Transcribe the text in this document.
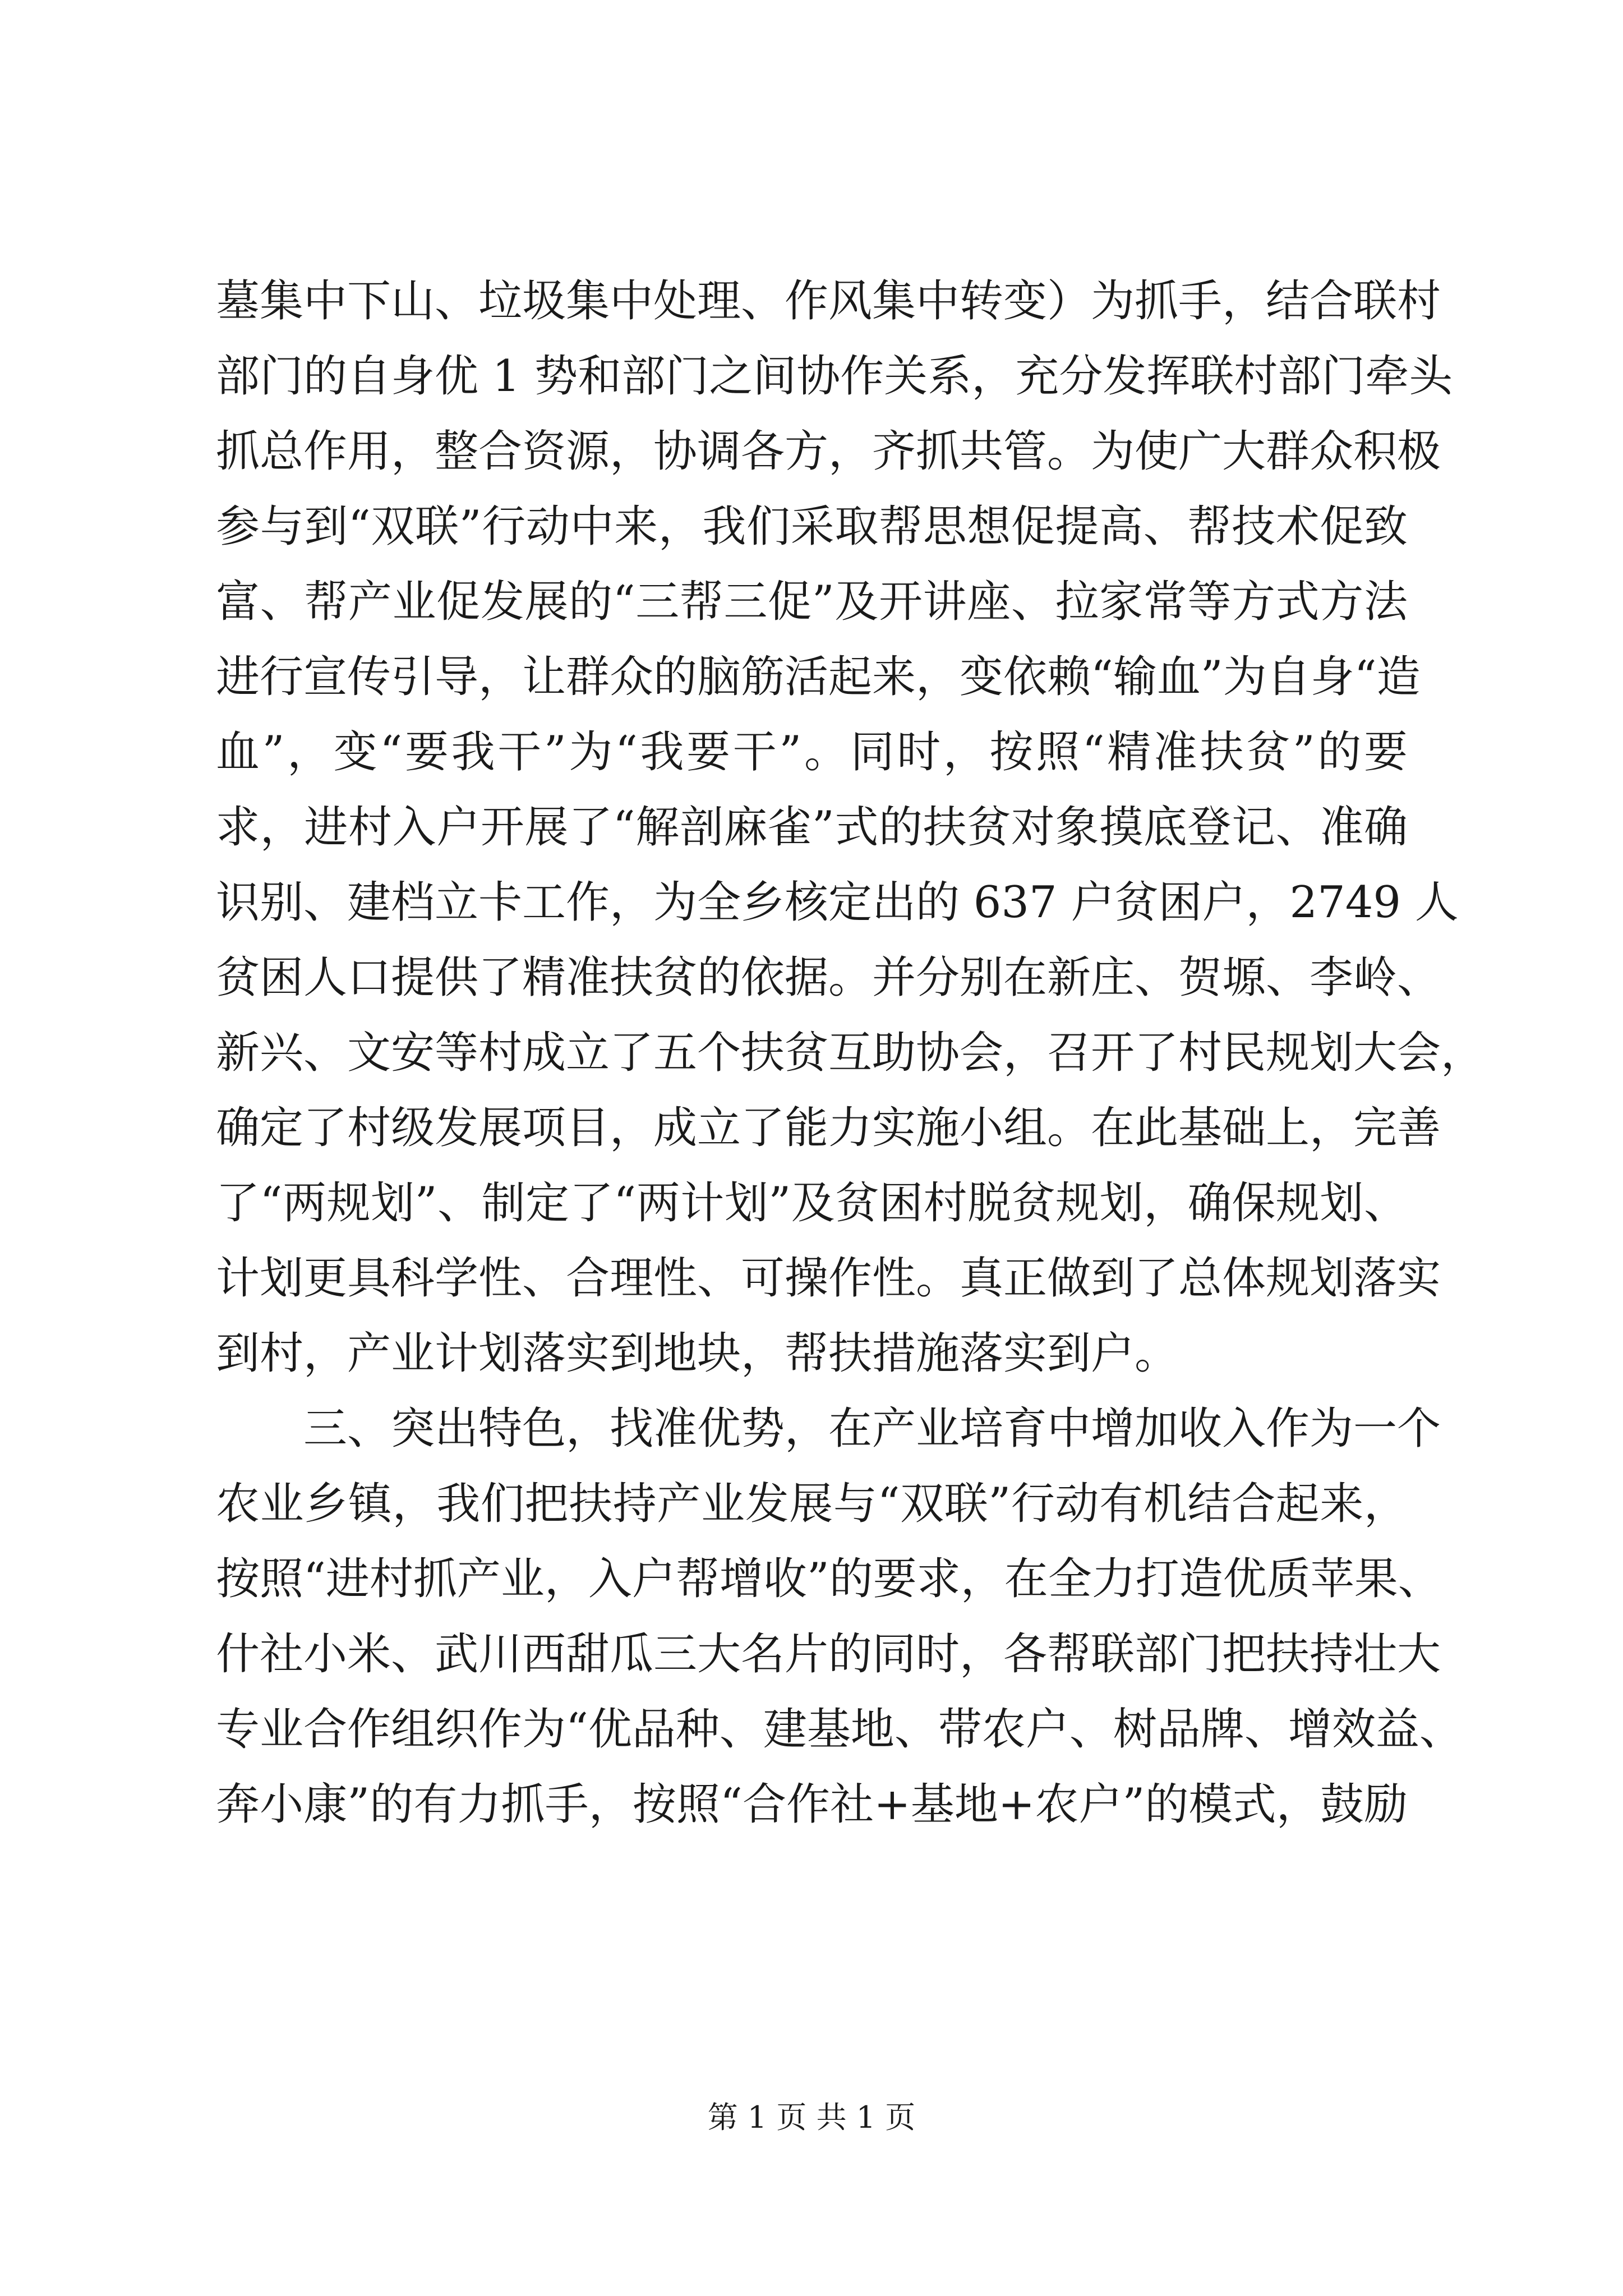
墓集中下山、垃圾集中处理、作风集中转变）为抓手，结合联村
部门的自身优 1 势和部门之间协作关系，充分发挥联村部门牵头
抓总作用，整合资源，协调各方，齐抓共管。为使广大群众积极
参与到“双联”行动中来，我们采取帮思想促提高、帮技术促致
富、帮产业促发展的“三帮三促”及开讲座、拉家常等方式方法
进行宣传引导，让群众的脑筋活起来，变依赖“输血”为自身“造
血”，变“要我干”为“我要干”。同时，按照“精准扶贫”的要
求，进村入户开展了“解剖麻雀”式的扶贫对象摸底登记、准确
识别、建档立卡工作，为全乡核定出的 637 户贫困户，2749 人
贫困人口提供了精准扶贫的依据。并分别在新庄、贺塬、李岭、
新兴、文安等村成立了五个扶贫互助协会，召开了村民规划大会，
确定了村级发展项目，成立了能力实施小组。在此基础上，完善
了“两规划”、制定了“两计划”及贫困村脱贫规划，确保规划、
计划更具科学性、合理性、可操作性。真正做到了总体规划落实
到村，产业计划落实到地块，帮扶措施落实到户。
三、突出特色，找准优势，在产业培育中增加收入作为一个
农业乡镇，我们把扶持产业发展与“双联”行动有机结合起来，
按照“进村抓产业，入户帮增收”的要求，在全力打造优质苹果、
什社小米、武川西甜瓜三大名片的同时，各帮联部门把扶持壮大
专业合作组织作为“优品种、建基地、带农户、树品牌、增效益、
奔小康”的有力抓手，按照“合作社+基地+农户”的模式，鼓励
第 1 页 共 1 页
